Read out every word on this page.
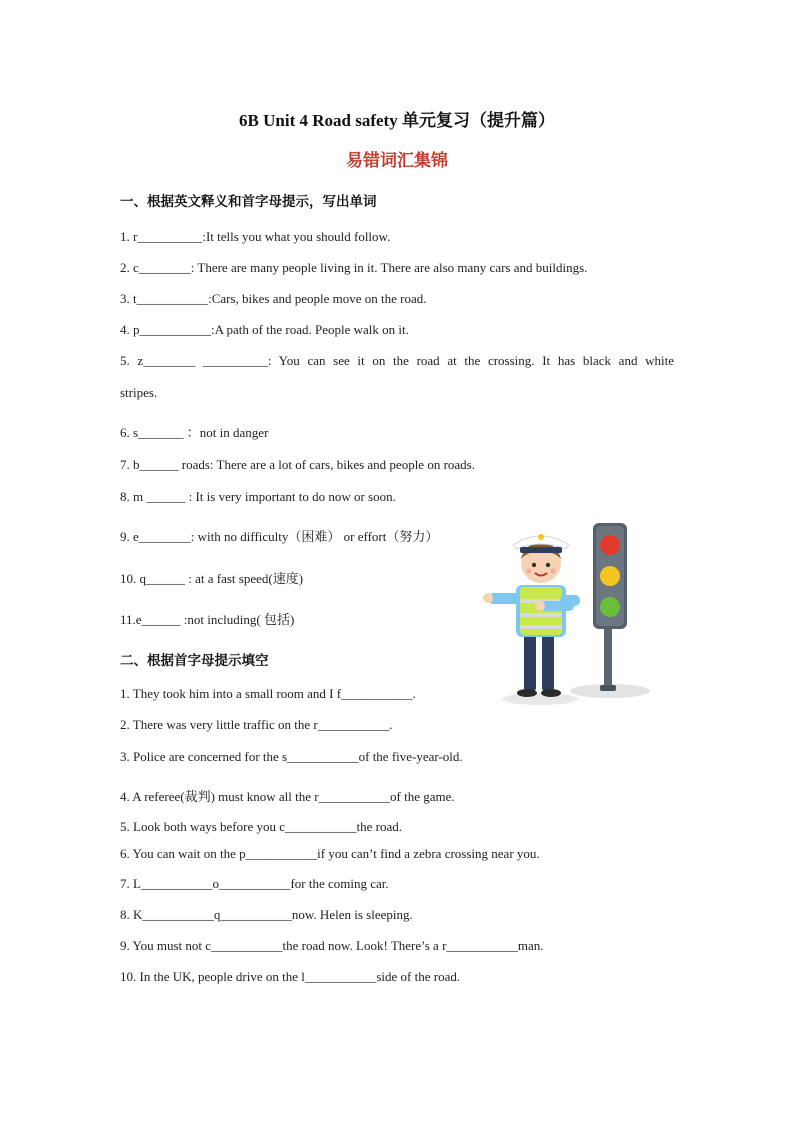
6B Unit 4 Road safety 单元复习（提升篇）
易错词汇集锦
一、根据英文释义和首字母提示，写出单词
1. r__________:It tells you what you should follow.
2. c________: There are many people living in it. There are also many cars and buildings.
3. t___________:Cars, bikes and people move on the road.
4. p___________:A path of the road. People walk on it.
5. z________ __________: You can see it on the road at the crossing. It has black and white
stripes.
6. s_______ ：not in danger
7. b______ roads: There are a lot of cars, bikes and people on roads.
8. m ______ : It is very important to do now or soon.
9. e________: with no difficulty（困难） or effort（努力）
10. q______ : at a fast speed(速度)
11.e______ :not including( 包括)
二、根据首字母提示填空
1. They took him into a small room and I f___________.
2. There was very little traffic on the r___________.
3. Police are concerned for the s___________of the five-year-old.
4. A referee(裁判) must know all the r___________of the game.
5. Look both ways before you c___________the road.
6. You can wait on the p___________if you can’t find a zebra crossing near you.
7. L___________o___________for the coming car.
8. K___________q___________now. Helen is sleeping.
9. You must not c___________the road now. Look! There’s a r___________man.
10. In the UK, people drive on the l___________side of the road.
